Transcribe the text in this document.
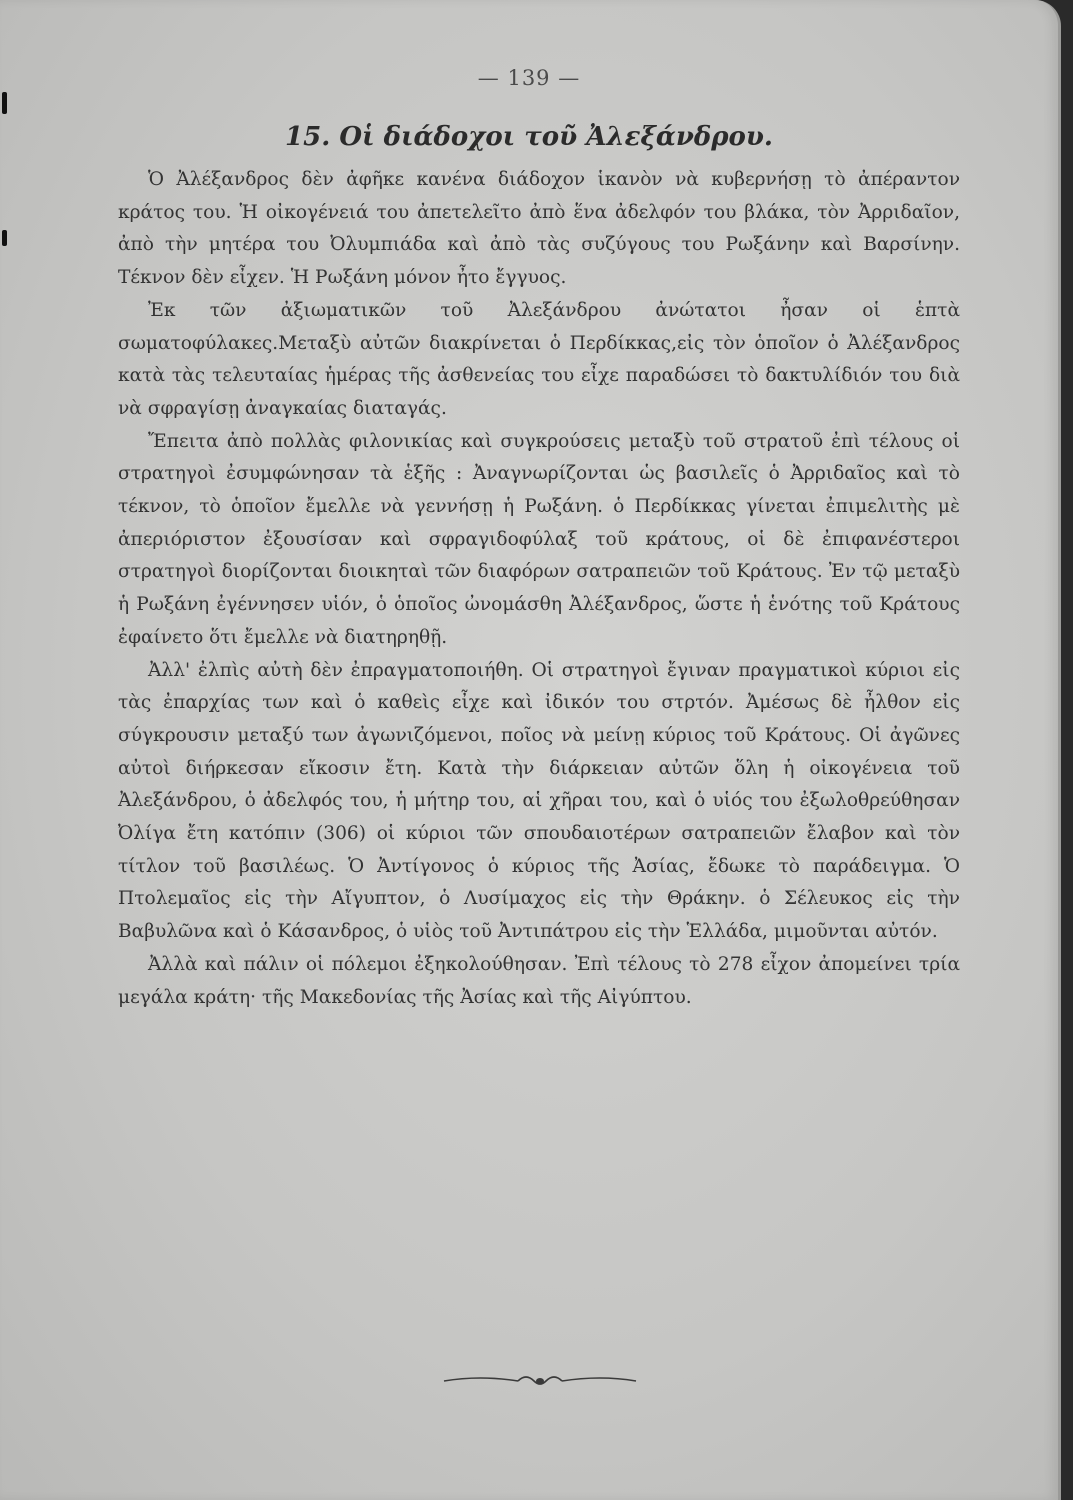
— 139 —
15. Οἱ διάδοχοι τοῦ Ἀλεξάνδρου.

Ὁ Ἀλέξανδρος δὲν ἀφῆκε κανένα διάδοχον ἱκανὸν νὰ κυβερνήσῃ τὸ ἀπέραντον κράτος του. Ἡ οἰκογένειά του ἀπετελεῖτο ἀπὸ ἕνα ἀδελφόν του βλάκα, τὸν Ἀρριδαῖον, ἀπὸ τὴν μητέρα του Ὀλυμπιάδα καὶ ἀπὸ τὰς συζύγους του Ρωξάνην καὶ Βαρσίνην. Τέκνον δὲν εἶχεν. Ἡ Ρωξάνη μόνον ἦτο ἔγγυος.

Ἐκ τῶν ἀξιωματικῶν τοῦ Ἀλεξάνδρου ἀνώτατοι ἦσαν οἱ ἑπτὰ σωματοφύλακες.Μεταξὺ αὐτῶν διακρίνεται ὁ Περδίκκας,εἰς τὸν ὁποῖον ὁ Ἀλέξανδρος κατὰ τὰς τελευταίας ἡμέρας τῆς ἀσθενείας του εἶχε παραδώσει τὸ δακτυλίδιόν του διὰ νὰ σφραγίσῃ ἀναγκαίας διαταγάς.

Ἔπειτα ἀπὸ πολλὰς φιλονικίας καὶ συγκρούσεις μεταξὺ τοῦ στρατοῦ ἐπὶ τέλους οἱ στρατηγοὶ ἐσυμφώνησαν τὰ ἑξῆς : Ἀναγνωρίζονται ὡς βασιλεῖς ὁ Ἀρριδαῖος καὶ τὸ τέκνον, τὸ ὁποῖον ἔμελλε νὰ γεννήσῃ ἡ Ρωξάνη. ὁ Περδίκκας γίνεται ἐπιμελιτὴς μὲ ἀπεριόριστον ἐξουσίσαν καὶ σφραγιδοφύλαξ τοῦ κράτους, οἱ δὲ ἐπιφανέστεροι στρατηγοὶ διορίζονται διοικηταὶ τῶν διαφόρων σατραπειῶν τοῦ Κράτους. Ἐν τῷ μεταξὺ ἡ Ρωξάνη ἐγέννησεν υἱόν, ὁ ὁποῖος ὠνομάσθη Ἀλέξανδρος, ὥστε ἡ ἑνότης τοῦ Κράτους ἐφαίνετο ὅτι ἔμελλε νὰ διατηρηθῇ.

Ἀλλ' ἐλπὶς αὐτὴ δὲν ἐπραγματοποιήθη. Οἱ στρατηγοὶ ἔγιναν πραγματικοὶ κύριοι εἰς τὰς ἐπαρχίας των καὶ ὁ καθεὶς εἶχε καὶ ἰδικόν του στρτόν. Ἀμέσως δὲ ἦλθον εἰς σύγκρουσιν μεταξύ των ἀγωνιζόμενοι, ποῖος νὰ μείνῃ κύριος τοῦ Κράτους. Οἱ ἀγῶνες αὐτοὶ διήρκεσαν εἴκοσιν ἔτη. Κατὰ τὴν διάρκειαν αὐτῶν ὅλη ἡ οἰκογένεια τοῦ Ἀλεξάνδρου, ὁ ἀδελφός του, ἡ μήτηρ του, αἱ χῆραι του, καὶ ὁ υἱός του ἐξωλοθρεύθησαν Ὀλίγα ἔτη κατόπιν (306) οἱ κύριοι τῶν σπουδαιοτέρων σατραπειῶν ἔλαβον καὶ τὸν τίτλον τοῦ βασιλέως. Ὁ Ἀντίγονος ὁ κύριος τῆς Ἀσίας, ἔδωκε τὸ παράδειγμα. Ὁ Πτολεμαῖος εἰς τὴν Αἴγυπτον, ὁ Λυσίμαχος εἰς τὴν Θράκην. ὁ Σέλευκος εἰς τὴν Βαβυλῶνα καὶ ὁ Κάσανδρος, ὁ υἱὸς τοῦ Ἀντιπάτρου εἰς τὴν Ἑλλάδα, μιμοῦνται αὐτόν.

Ἀλλὰ καὶ πάλιν οἱ πόλεμοι ἐξηκολούθησαν. Ἐπὶ τέλους τὸ 278 εἶχον ἀπομείνει τρία μεγάλα κράτη· τῆς Μακεδονίας τῆς Ἀσίας καὶ τῆς Αἰγύπτου.
